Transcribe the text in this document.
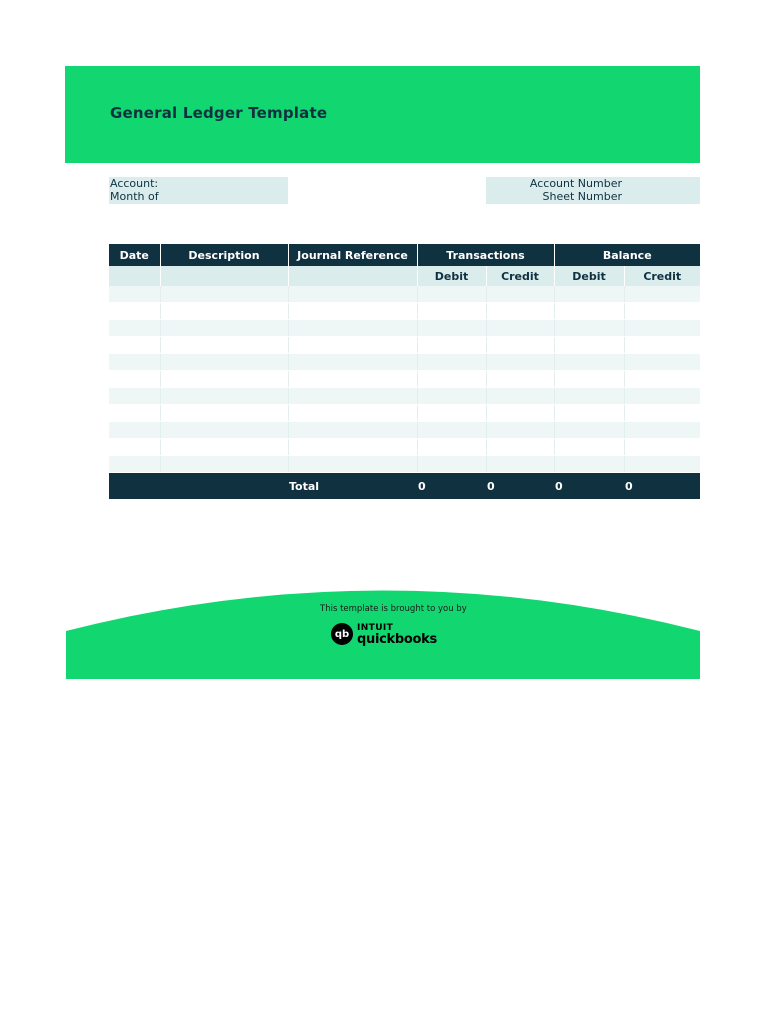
General Ledger Template
Account:
Month of
Account Number
Sheet Number
Date	Description	Journal Reference	Transactions		Balance	
			Debit	Credit	Debit	Credit

		Total	0	0	0	0
This template is brought to you by
qb
INTUIT
quickbooks
